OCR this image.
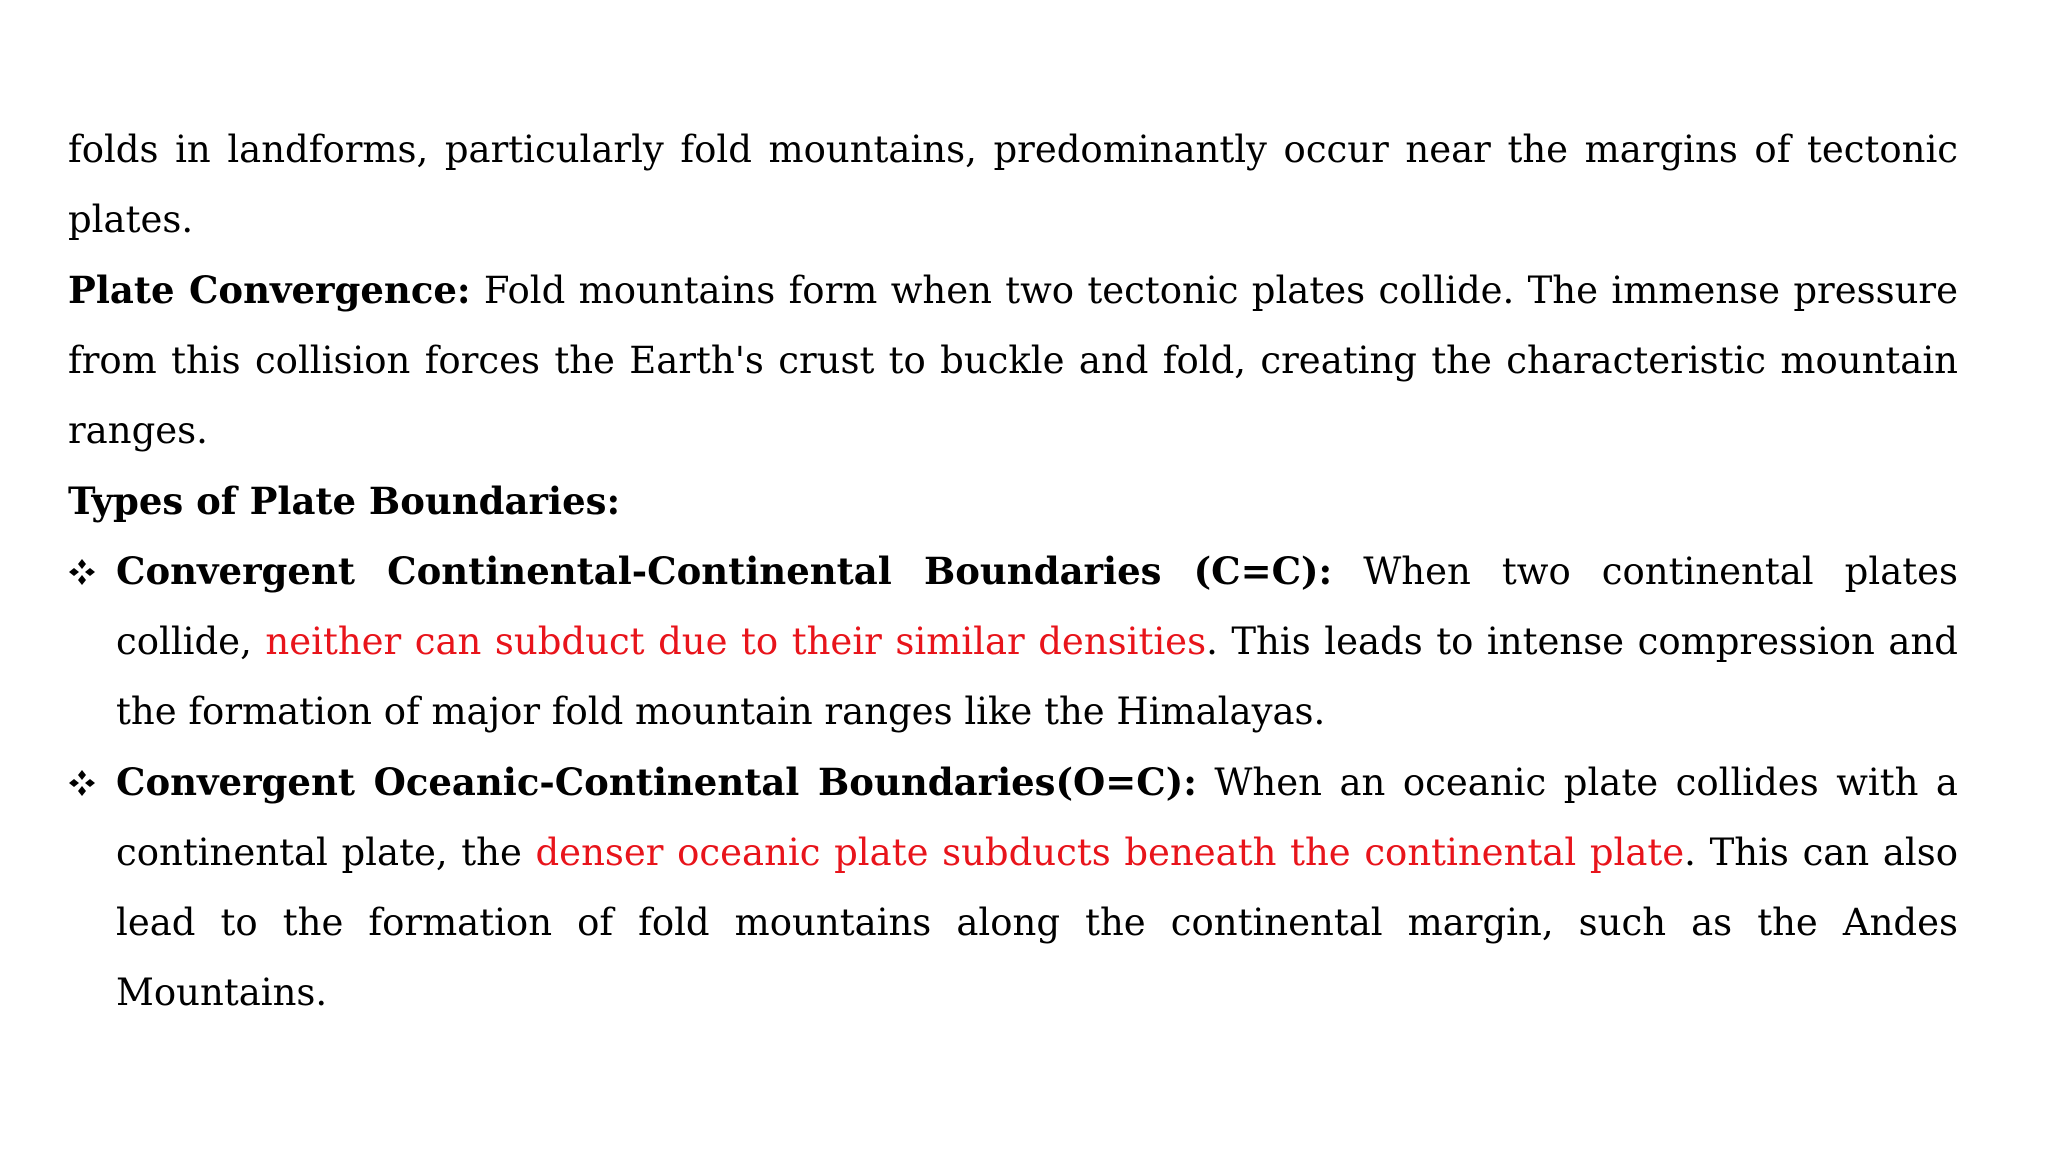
folds in landforms, particularly fold mountains, predominantly occur near the margins of tectonic plates.

Plate Convergence: Fold mountains form when two tectonic plates collide. The immense pressure from this collision forces the Earth's crust to buckle and fold, creating the characteristic mountain ranges.

Types of Plate Boundaries:

Convergent Continental-Continental Boundaries (C=C): When two continental plates collide, neither can subduct due to their similar densities. This leads to intense compression and the formation of major fold mountain ranges like the Himalayas.
Convergent Oceanic-Continental Boundaries(O=C): When an oceanic plate collides with a continental plate, the denser oceanic plate subducts beneath the continental plate. This can also lead to the formation of fold mountains along the continental margin, such as the Andes Mountains.
